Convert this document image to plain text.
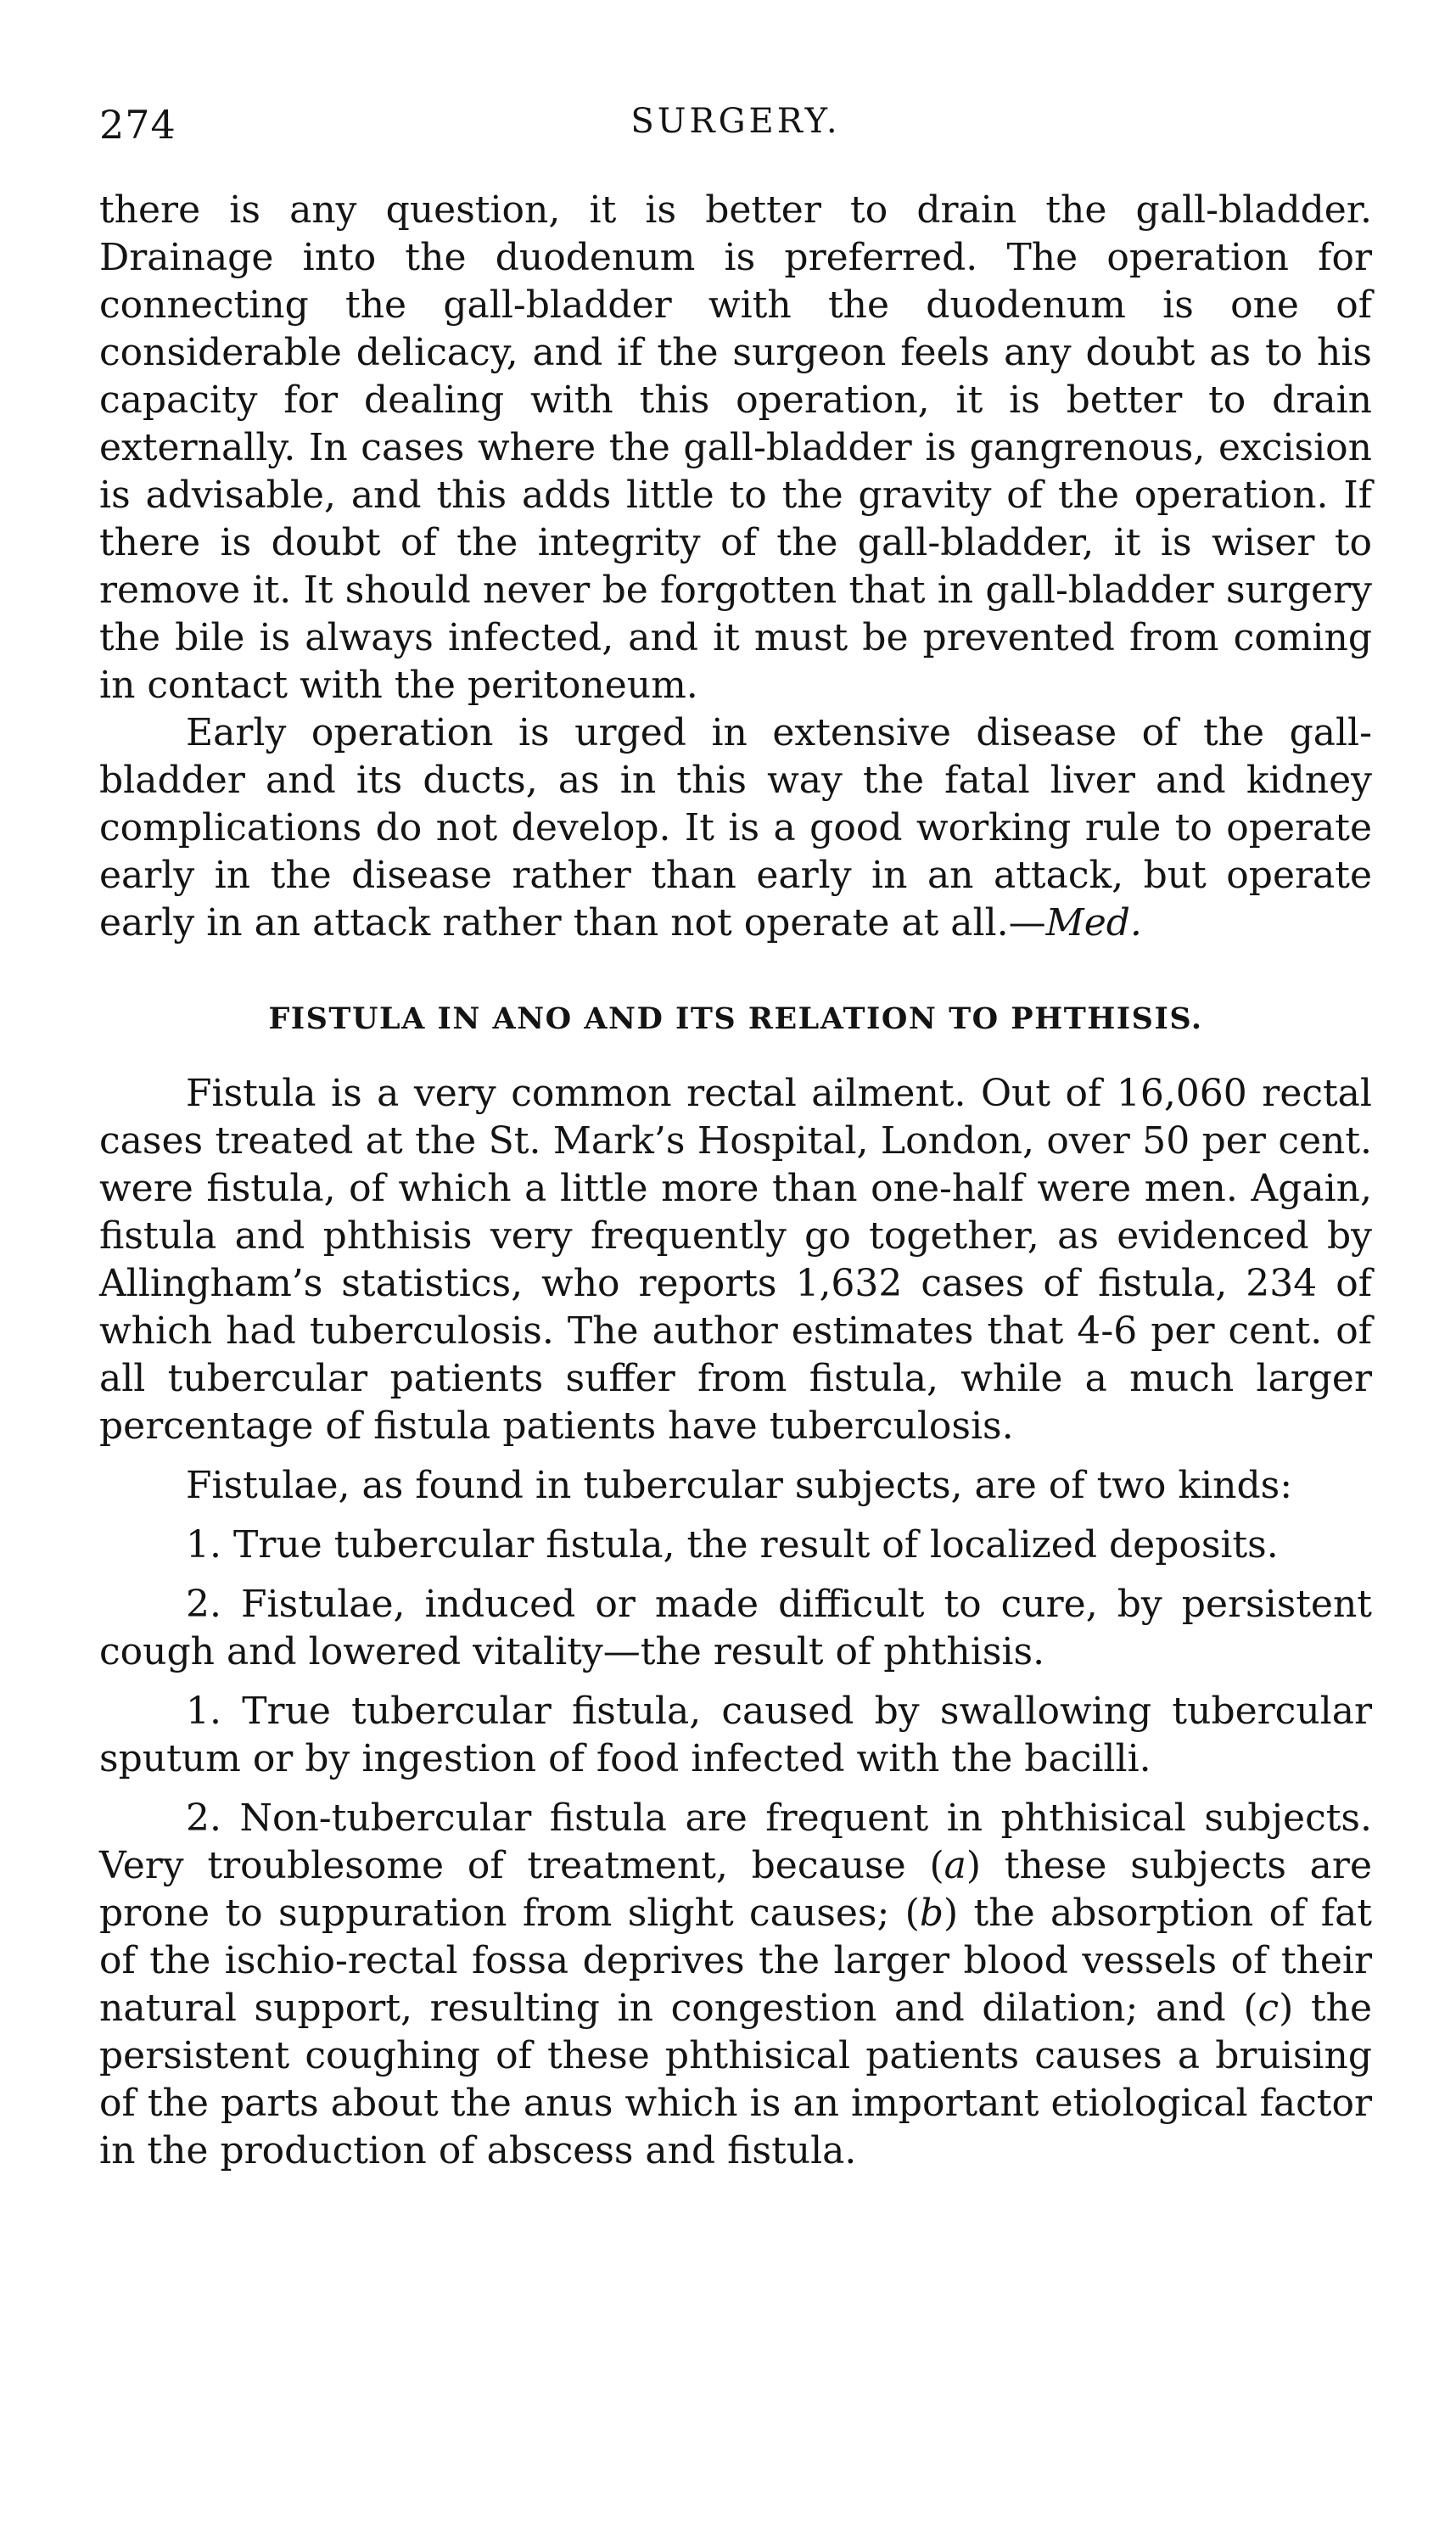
274	SURGERY.

there is any question, it is better to drain the gall-bladder. Drainage into the duodenum is preferred. The operation for connecting the gall-bladder with the duodenum is one of considerable delicacy, and if the surgeon feels any doubt as to his capacity for dealing with this operation, it is better to drain externally. In cases where the gall-bladder is gangrenous, excision is advisable, and this adds little to the gravity of the operation. If there is doubt of the integrity of the gall-bladder, it is wiser to remove it. It should never be forgotten that in gall-bladder surgery the bile is always infected, and it must be prevented from coming in contact with the peritoneum.

Early operation is urged in extensive disease of the gall-bladder and its ducts, as in this way the fatal liver and kidney complications do not develop. It is a good working rule to operate early in the disease rather than early in an attack, but operate early in an attack rather than not operate at all.—Med.

FISTULA IN ANO AND ITS RELATION TO PHTHISIS.

Fistula is a very common rectal ailment. Out of 16,060 rectal cases treated at the St. Mark’s Hospital, London, over 50 per cent. were fistula, of which a little more than one-half were men. Again, fistula and phthisis very frequently go together, as evidenced by Allingham’s statistics, who reports 1,632 cases of fistula, 234 of which had tuberculosis. The author estimates that 4-6 per cent. of all tubercular patients suffer from fistula, while a much larger percentage of fistula patients have tuberculosis.

Fistulae, as found in tubercular subjects, are of two kinds:

1. True tubercular fistula, the result of localized deposits.

2. Fistulae, induced or made difficult to cure, by persistent cough and lowered vitality—the result of phthisis.

1. True tubercular fistula, caused by swallowing tubercular sputum or by ingestion of food infected with the bacilli.

2. Non-tubercular fistula are frequent in phthisical subjects. Very troublesome of treatment, because (a) these subjects are prone to suppuration from slight causes; (b) the absorption of fat of the ischio-rectal fossa deprives the larger blood vessels of their natural support, resulting in congestion and dilation; and (c) the persistent coughing of these phthisical patients causes a bruising of the parts about the anus which is an important etiological factor in the production of abscess and fistula.
